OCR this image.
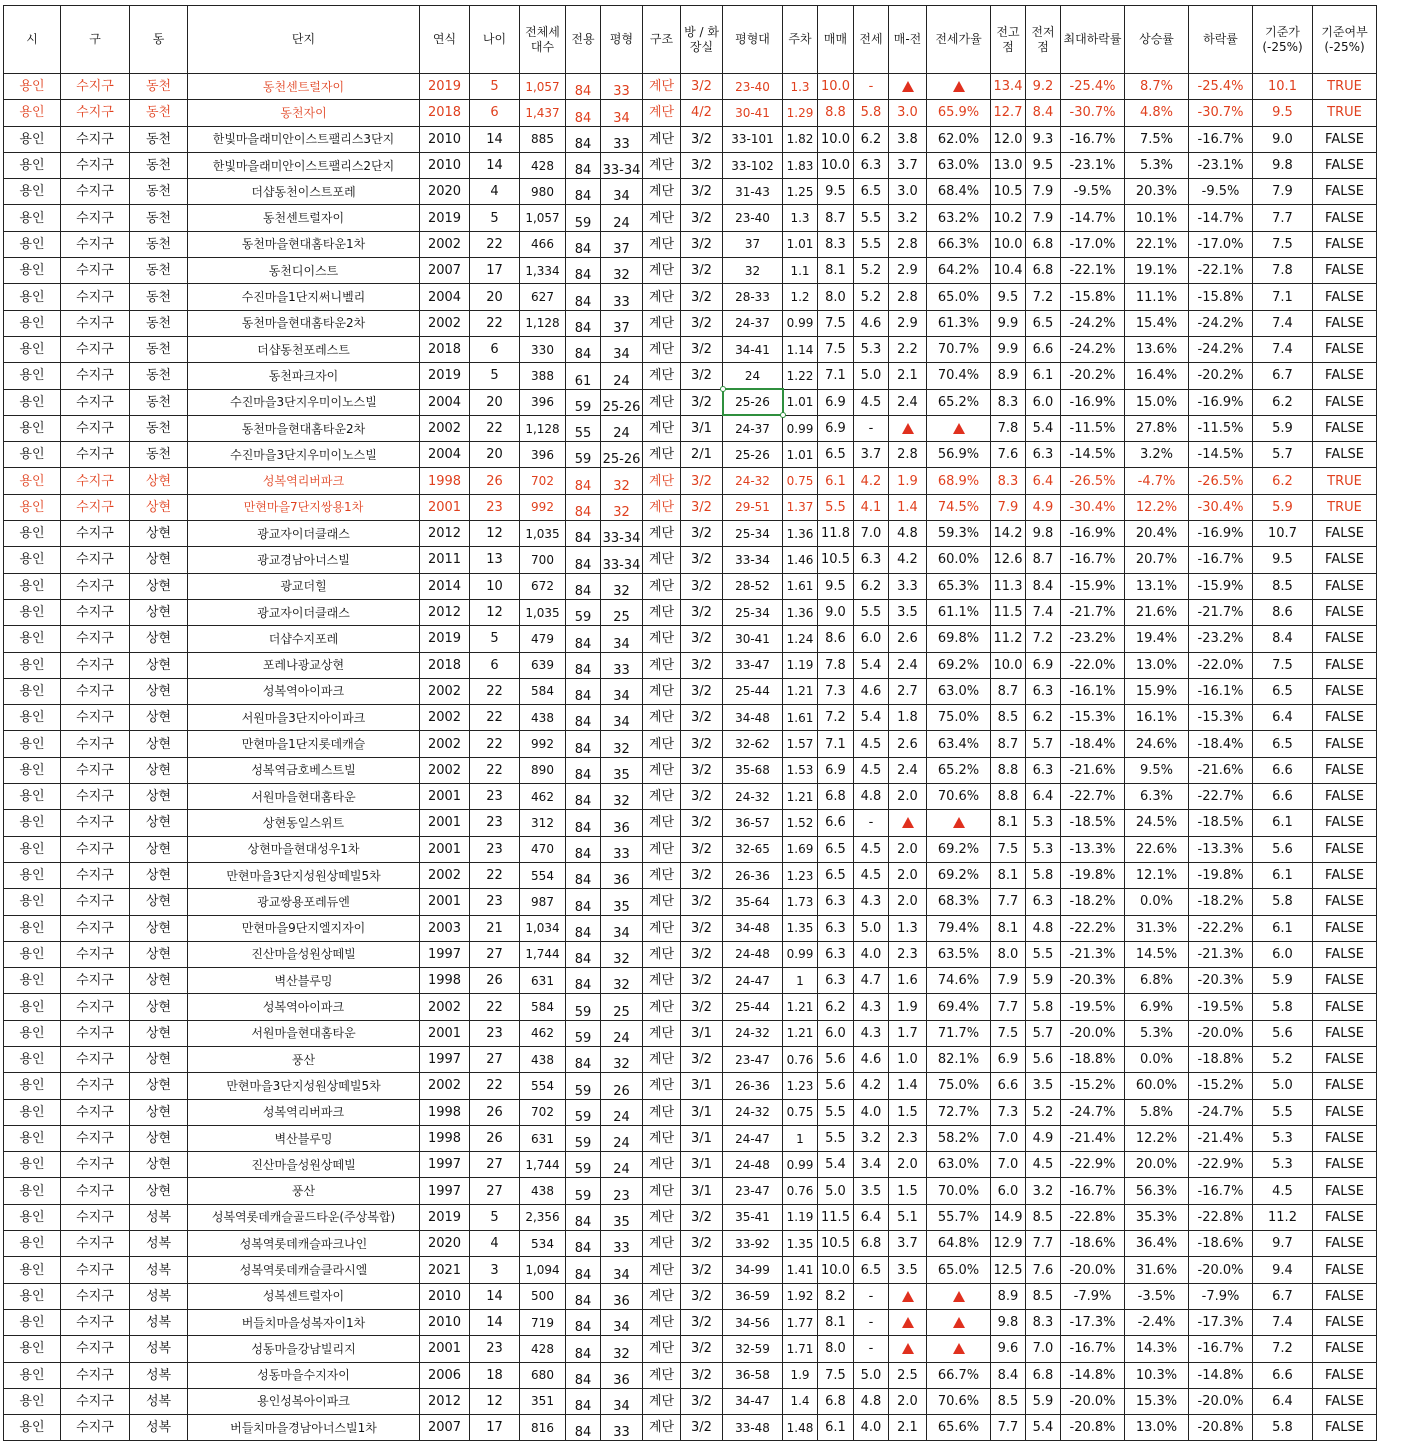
시	구	동	단지	연식	나이	전체세대수	전용	평형	구조	방 / 화장실	평형대	주차	매매	전세	매-전	전세가율	전고점	전저점	최대하락률	상승률	하락률	기준가(-25%)	기준여부(-25%)
용인	수지구	동천	동천센트럴자이	2019	5	1,057	84	33	계단	3/2	23-40	1.3	10.0	-			13.4	9.2	-25.4%	8.7%	-25.4%	10.1	TRUE
용인	수지구	동천	동천자이	2018	6	1,437	84	34	계단	4/2	30-41	1.29	8.8	5.8	3.0	65.9%	12.7	8.4	-30.7%	4.8%	-30.7%	9.5	TRUE
용인	수지구	동천	한빛마을래미안이스트팰리스3단지	2010	14	885	84	33	계단	3/2	33-101	1.82	10.0	6.2	3.8	62.0%	12.0	9.3	-16.7%	7.5%	-16.7%	9.0	FALSE
용인	수지구	동천	한빛마을래미안이스트팰리스2단지	2010	14	428	84	33-34	계단	3/2	33-102	1.83	10.0	6.3	3.7	63.0%	13.0	9.5	-23.1%	5.3%	-23.1%	9.8	FALSE
용인	수지구	동천	더샵동천이스트포레	2020	4	980	84	34	계단	3/2	31-43	1.25	9.5	6.5	3.0	68.4%	10.5	7.9	-9.5%	20.3%	-9.5%	7.9	FALSE
용인	수지구	동천	동천센트럴자이	2019	5	1,057	59	24	계단	3/2	23-40	1.3	8.7	5.5	3.2	63.2%	10.2	7.9	-14.7%	10.1%	-14.7%	7.7	FALSE
용인	수지구	동천	동천마을현대홈타운1차	2002	22	466	84	37	계단	3/2	37	1.01	8.3	5.5	2.8	66.3%	10.0	6.8	-17.0%	22.1%	-17.0%	7.5	FALSE
용인	수지구	동천	동천디이스트	2007	17	1,334	84	32	계단	3/2	32	1.1	8.1	5.2	2.9	64.2%	10.4	6.8	-22.1%	19.1%	-22.1%	7.8	FALSE
용인	수지구	동천	수진마을1단지써니벨리	2004	20	627	84	33	계단	3/2	28-33	1.2	8.0	5.2	2.8	65.0%	9.5	7.2	-15.8%	11.1%	-15.8%	7.1	FALSE
용인	수지구	동천	동천마을현대홈타운2차	2002	22	1,128	84	37	계단	3/2	24-37	0.99	7.5	4.6	2.9	61.3%	9.9	6.5	-24.2%	15.4%	-24.2%	7.4	FALSE
용인	수지구	동천	더샵동천포레스트	2018	6	330	84	34	계단	3/2	34-41	1.14	7.5	5.3	2.2	70.7%	9.9	6.6	-24.2%	13.6%	-24.2%	7.4	FALSE
용인	수지구	동천	동천파크자이	2019	5	388	61	24	계단	3/2	24	1.22	7.1	5.0	2.1	70.4%	8.9	6.1	-20.2%	16.4%	-20.2%	6.7	FALSE
용인	수지구	동천	수진마을3단지우미이노스빌	2004	20	396	59	25-26	계단	3/2	25-26	1.01	6.9	4.5	2.4	65.2%	8.3	6.0	-16.9%	15.0%	-16.9%	6.2	FALSE
용인	수지구	동천	동천마을현대홈타운2차	2002	22	1,128	55	24	계단	3/1	24-37	0.99	6.9	-			7.8	5.4	-11.5%	27.8%	-11.5%	5.9	FALSE
용인	수지구	동천	수진마을3단지우미이노스빌	2004	20	396	59	25-26	계단	2/1	25-26	1.01	6.5	3.7	2.8	56.9%	7.6	6.3	-14.5%	3.2%	-14.5%	5.7	FALSE
용인	수지구	상현	성복역리버파크	1998	26	702	84	32	계단	3/2	24-32	0.75	6.1	4.2	1.9	68.9%	8.3	6.4	-26.5%	-4.7%	-26.5%	6.2	TRUE
용인	수지구	상현	만현마을7단지쌍용1차	2001	23	992	84	32	계단	3/2	29-51	1.37	5.5	4.1	1.4	74.5%	7.9	4.9	-30.4%	12.2%	-30.4%	5.9	TRUE
용인	수지구	상현	광교자이더클래스	2012	12	1,035	84	33-34	계단	3/2	25-34	1.36	11.8	7.0	4.8	59.3%	14.2	9.8	-16.9%	20.4%	-16.9%	10.7	FALSE
용인	수지구	상현	광교경남아너스빌	2011	13	700	84	33-34	계단	3/2	33-34	1.46	10.5	6.3	4.2	60.0%	12.6	8.7	-16.7%	20.7%	-16.7%	9.5	FALSE
용인	수지구	상현	광교더힐	2014	10	672	84	32	계단	3/2	28-52	1.61	9.5	6.2	3.3	65.3%	11.3	8.4	-15.9%	13.1%	-15.9%	8.5	FALSE
용인	수지구	상현	광교자이더클래스	2012	12	1,035	59	25	계단	3/2	25-34	1.36	9.0	5.5	3.5	61.1%	11.5	7.4	-21.7%	21.6%	-21.7%	8.6	FALSE
용인	수지구	상현	더샵수지포레	2019	5	479	84	34	계단	3/2	30-41	1.24	8.6	6.0	2.6	69.8%	11.2	7.2	-23.2%	19.4%	-23.2%	8.4	FALSE
용인	수지구	상현	포레나광교상현	2018	6	639	84	33	계단	3/2	33-47	1.19	7.8	5.4	2.4	69.2%	10.0	6.9	-22.0%	13.0%	-22.0%	7.5	FALSE
용인	수지구	상현	성복역아이파크	2002	22	584	84	34	계단	3/2	25-44	1.21	7.3	4.6	2.7	63.0%	8.7	6.3	-16.1%	15.9%	-16.1%	6.5	FALSE
용인	수지구	상현	서원마을3단지아이파크	2002	22	438	84	34	계단	3/2	34-48	1.61	7.2	5.4	1.8	75.0%	8.5	6.2	-15.3%	16.1%	-15.3%	6.4	FALSE
용인	수지구	상현	만현마을1단지롯데캐슬	2002	22	992	84	32	계단	3/2	32-62	1.57	7.1	4.5	2.6	63.4%	8.7	5.7	-18.4%	24.6%	-18.4%	6.5	FALSE
용인	수지구	상현	성복역금호베스트빌	2002	22	890	84	35	계단	3/2	35-68	1.53	6.9	4.5	2.4	65.2%	8.8	6.3	-21.6%	9.5%	-21.6%	6.6	FALSE
용인	수지구	상현	서원마을현대홈타운	2001	23	462	84	32	계단	3/2	24-32	1.21	6.8	4.8	2.0	70.6%	8.8	6.4	-22.7%	6.3%	-22.7%	6.6	FALSE
용인	수지구	상현	상현동일스위트	2001	23	312	84	36	계단	3/2	36-57	1.52	6.6	-			8.1	5.3	-18.5%	24.5%	-18.5%	6.1	FALSE
용인	수지구	상현	상현마을현대성우1차	2001	23	470	84	33	계단	3/2	32-65	1.69	6.5	4.5	2.0	69.2%	7.5	5.3	-13.3%	22.6%	-13.3%	5.6	FALSE
용인	수지구	상현	만현마을3단지성원상떼빌5차	2002	22	554	84	36	계단	3/2	26-36	1.23	6.5	4.5	2.0	69.2%	8.1	5.8	-19.8%	12.1%	-19.8%	6.1	FALSE
용인	수지구	상현	광교쌍용포레듀엔	2001	23	987	84	35	계단	3/2	35-64	1.73	6.3	4.3	2.0	68.3%	7.7	6.3	-18.2%	0.0%	-18.2%	5.8	FALSE
용인	수지구	상현	만현마을9단지엘지자이	2003	21	1,034	84	34	계단	3/2	34-48	1.35	6.3	5.0	1.3	79.4%	8.1	4.8	-22.2%	31.3%	-22.2%	6.1	FALSE
용인	수지구	상현	진산마을성원상떼빌	1997	27	1,744	84	32	계단	3/2	24-48	0.99	6.3	4.0	2.3	63.5%	8.0	5.5	-21.3%	14.5%	-21.3%	6.0	FALSE
용인	수지구	상현	벽산블루밍	1998	26	631	84	32	계단	3/2	24-47	1	6.3	4.7	1.6	74.6%	7.9	5.9	-20.3%	6.8%	-20.3%	5.9	FALSE
용인	수지구	상현	성복역아이파크	2002	22	584	59	25	계단	3/2	25-44	1.21	6.2	4.3	1.9	69.4%	7.7	5.8	-19.5%	6.9%	-19.5%	5.8	FALSE
용인	수지구	상현	서원마을현대홈타운	2001	23	462	59	24	계단	3/1	24-32	1.21	6.0	4.3	1.7	71.7%	7.5	5.7	-20.0%	5.3%	-20.0%	5.6	FALSE
용인	수지구	상현	풍산	1997	27	438	84	32	계단	3/2	23-47	0.76	5.6	4.6	1.0	82.1%	6.9	5.6	-18.8%	0.0%	-18.8%	5.2	FALSE
용인	수지구	상현	만현마을3단지성원상떼빌5차	2002	22	554	59	26	계단	3/1	26-36	1.23	5.6	4.2	1.4	75.0%	6.6	3.5	-15.2%	60.0%	-15.2%	5.0	FALSE
용인	수지구	상현	성복역리버파크	1998	26	702	59	24	계단	3/1	24-32	0.75	5.5	4.0	1.5	72.7%	7.3	5.2	-24.7%	5.8%	-24.7%	5.5	FALSE
용인	수지구	상현	벽산블루밍	1998	26	631	59	24	계단	3/1	24-47	1	5.5	3.2	2.3	58.2%	7.0	4.9	-21.4%	12.2%	-21.4%	5.3	FALSE
용인	수지구	상현	진산마을성원상떼빌	1997	27	1,744	59	24	계단	3/1	24-48	0.99	5.4	3.4	2.0	63.0%	7.0	4.5	-22.9%	20.0%	-22.9%	5.3	FALSE
용인	수지구	상현	풍산	1997	27	438	59	23	계단	3/1	23-47	0.76	5.0	3.5	1.5	70.0%	6.0	3.2	-16.7%	56.3%	-16.7%	4.5	FALSE
용인	수지구	성복	성복역롯데캐슬골드타운(주상복합)	2019	5	2,356	84	35	계단	3/2	35-41	1.19	11.5	6.4	5.1	55.7%	14.9	8.5	-22.8%	35.3%	-22.8%	11.2	FALSE
용인	수지구	성복	성복역롯데캐슬파크나인	2020	4	534	84	33	계단	3/2	33-92	1.35	10.5	6.8	3.7	64.8%	12.9	7.7	-18.6%	36.4%	-18.6%	9.7	FALSE
용인	수지구	성복	성복역롯데캐슬클라시엘	2021	3	1,094	84	34	계단	3/2	34-99	1.41	10.0	6.5	3.5	65.0%	12.5	7.6	-20.0%	31.6%	-20.0%	9.4	FALSE
용인	수지구	성복	성복센트럴자이	2010	14	500	84	36	계단	3/2	36-59	1.92	8.2	-			8.9	8.5	-7.9%	-3.5%	-7.9%	6.7	FALSE
용인	수지구	성복	버들치마을성복자이1차	2010	14	719	84	34	계단	3/2	34-56	1.77	8.1	-			9.8	8.3	-17.3%	-2.4%	-17.3%	7.4	FALSE
용인	수지구	성복	성동마을강남빌리지	2001	23	428	84	32	계단	3/2	32-59	1.71	8.0	-			9.6	7.0	-16.7%	14.3%	-16.7%	7.2	FALSE
용인	수지구	성복	성동마을수지자이	2006	18	680	84	36	계단	3/2	36-58	1.9	7.5	5.0	2.5	66.7%	8.4	6.8	-14.8%	10.3%	-14.8%	6.6	FALSE
용인	수지구	성복	용인성복아이파크	2012	12	351	84	34	계단	3/2	34-47	1.4	6.8	4.8	2.0	70.6%	8.5	5.9	-20.0%	15.3%	-20.0%	6.4	FALSE
용인	수지구	성복	버들치마을경남아너스빌1차	2007	17	816	84	33	계단	3/2	33-48	1.48	6.1	4.0	2.1	65.6%	7.7	5.4	-20.8%	13.0%	-20.8%	5.8	FALSE
